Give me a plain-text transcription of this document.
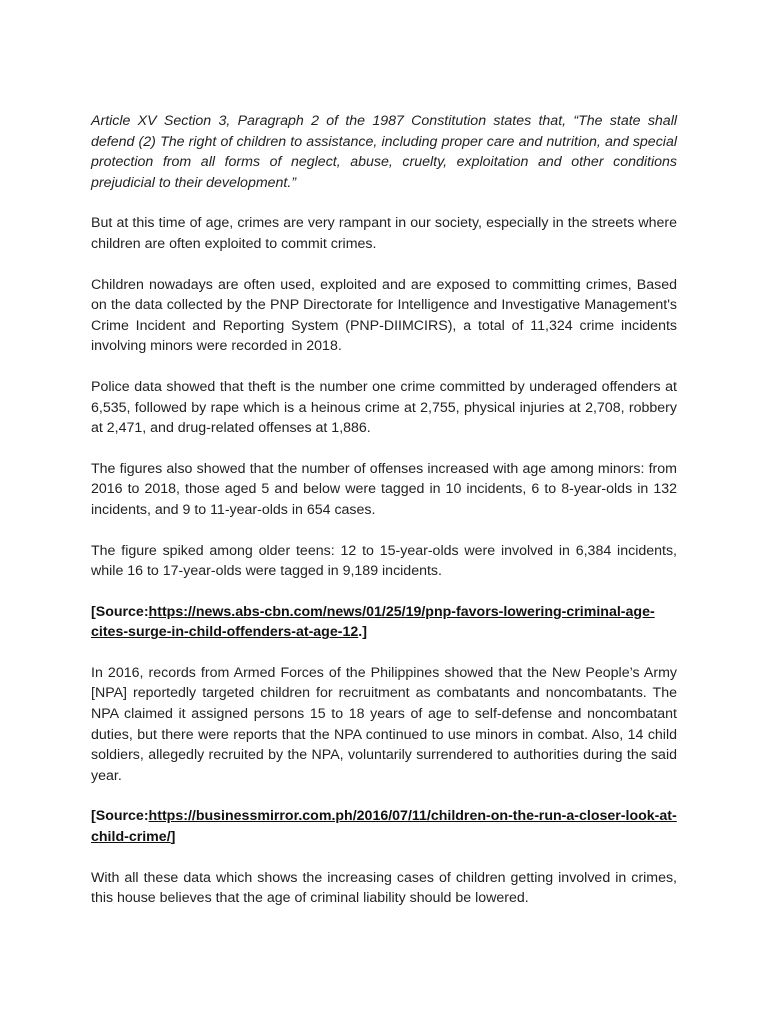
Article XV Section 3, Paragraph 2 of the 1987 Constitution states that, “The state shall defend (2) The right of children to assistance, including proper care and nutrition, and special protection from all forms of neglect, abuse, cruelty, exploitation and other conditions prejudicial to their development.”

But at this time of age, crimes are very rampant in our society, especially in the streets where children are often exploited to commit crimes.

Children nowadays are often used, exploited and are exposed to committing crimes, Based on the data collected by the PNP Directorate for Intelligence and Investigative Management's Crime Incident and Reporting System (PNP-DIIMCIRS), a total of 11,324 crime incidents involving minors were recorded in 2018.

Police data showed that theft is the number one crime committed by underaged offenders at 6,535, followed by rape which is a heinous crime at 2,755, physical injuries at 2,708, robbery at 2,471, and drug-related offenses at 1,886.

The figures also showed that the number of offenses increased with age among minors: from 2016 to 2018, those aged 5 and below were tagged in 10 incidents, 6 to 8-year-olds in 132 incidents, and 9 to 11-year-olds in 654 cases.

The figure spiked among older teens: 12 to 15-year-olds were involved in 6,384 incidents, while 16 to 17-year-olds were tagged in 9,189 incidents.

[Source:https://news.abs-cbn.com/news/01/25/19/pnp-favors-lowering-criminal-age-cites-surge-in-child-offenders-at-age-12.]

In 2016, records from Armed Forces of the Philippines showed that the New People’s Army [NPA] reportedly targeted children for recruitment as combatants and noncombatants. The NPA claimed it assigned persons 15 to 18 years of age to self-defense and noncombatant duties, but there were reports that the NPA continued to use minors in combat. Also, 14 child soldiers, allegedly recruited by the NPA, voluntarily surrendered to authorities during the said year.

[Source:https://businessmirror.com.ph/2016/07/11/children-on-the-run-a-closer-look-at-child-crime/]

With all these data which shows the increasing cases of children getting involved in crimes, this house believes that the age of criminal liability should be lowered.
